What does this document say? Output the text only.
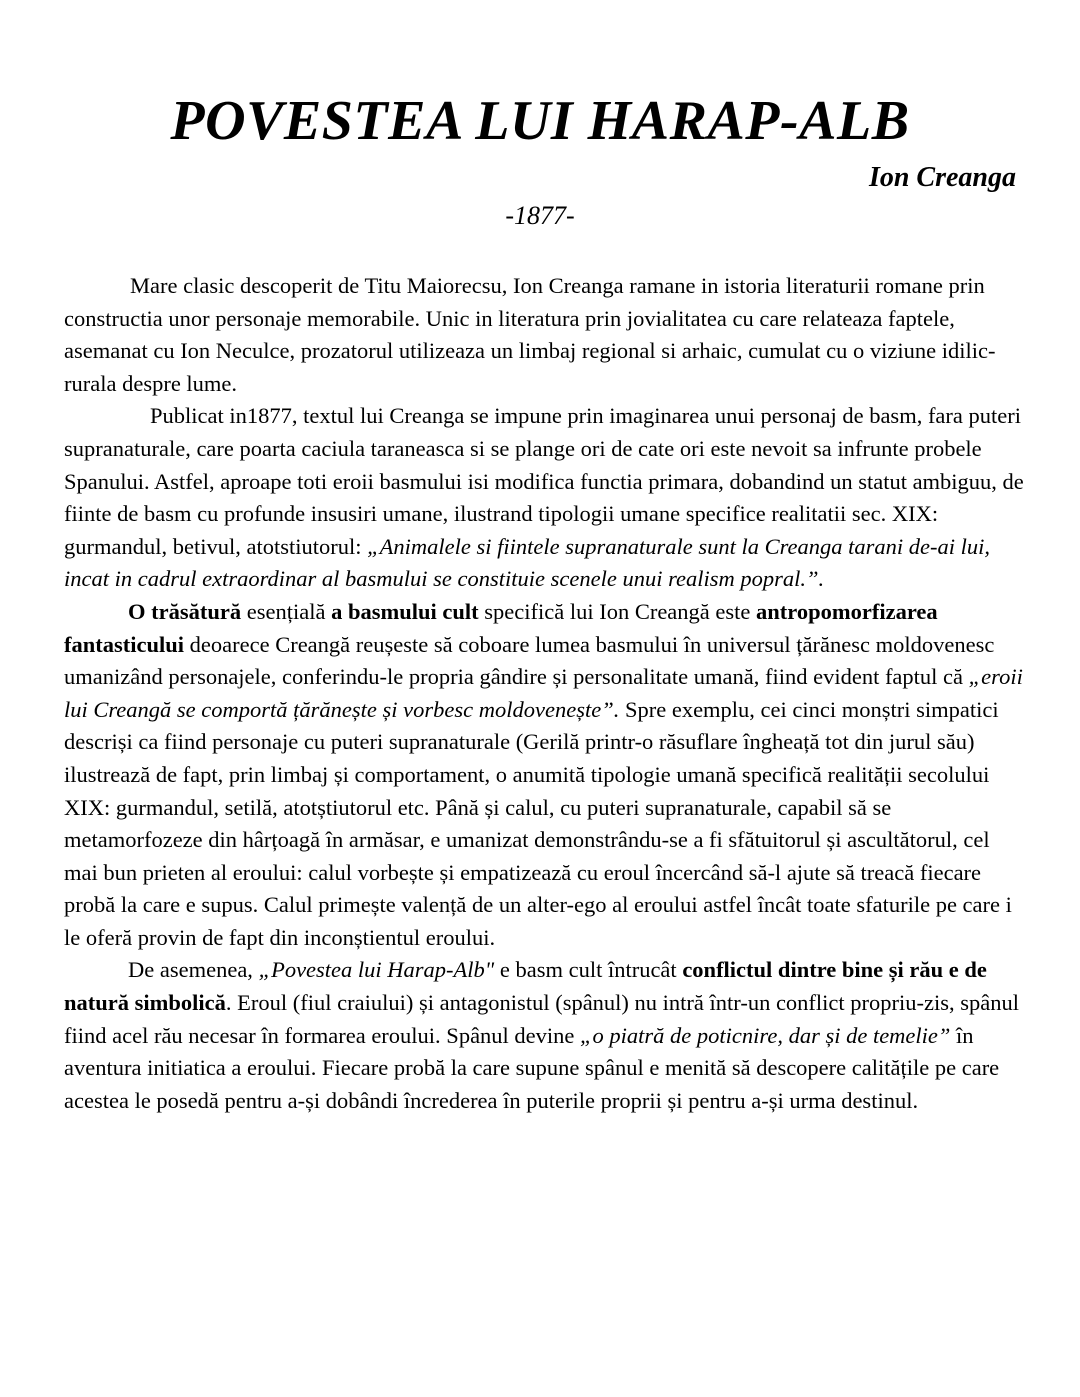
POVESTEA LUI HARAP-ALB
Ion Creanga
-1877-

Mare clasic descoperit de Titu Maiorecsu, Ion Creanga ramane in istoria literaturii romane prin constructia unor personaje memorabile. Unic in literatura prin jovialitatea cu care relateaza faptele, asemanat cu Ion Neculce, prozatorul utilizeaza un limbaj regional si arhaic, cumulat cu o viziune idilic-rurala despre lume.

Publicat in1877, textul lui Creanga se impune prin imaginarea unui personaj de basm, fara puteri supranaturale, care poarta caciula taraneasca si se plange ori de cate ori este nevoit sa infrunte probele Spanului. Astfel, aproape toti eroii basmului isi modifica functia primara, dobandind un statut ambiguu, de fiinte de basm cu profunde insusiri umane, ilustrand tipologii umane specifice realitatii sec. XIX: gurmandul, betivul, atotstiutorul: „Animalele si fiintele supranaturale sunt la Creanga tarani de-ai lui, incat in cadrul extraordinar al basmului se constituie scenele unui realism popral.”.

O trăsătură esențială a basmului cult specifică lui Ion Creangă este antropomorfizarea fantasticului deoarece Creangă reușeste să coboare lumea basmului în universul țărănesc moldovenesc umanizând personajele, conferindu-le propria gândire și personalitate umană, fiind evident faptul că „eroii lui Creangă se comportă țărănește și vorbesc moldovenește”. Spre exemplu, cei cinci monștri simpatici descriși ca fiind personaje cu puteri supranaturale (Gerilă printr-o răsuflare îngheață tot din jurul său) ilustrează de fapt, prin limbaj și comportament, o anumită tipologie umană specifică realității secolului XIX: gurmandul, setilă, atotștiutorul etc. Până și calul, cu puteri supranaturale, capabil să se metamorfozeze din hârțoagă în armăsar, e umanizat demonstrându-se a fi sfătuitorul și ascultătorul, cel mai bun prieten al eroului: calul vorbește și empatizează cu eroul încercând să-l ajute să treacă fiecare probă la care e supus. Calul primește valență de un alter-ego al eroului astfel încât toate sfaturile pe care i le oferă provin de fapt din inconștientul eroului.

De asemenea, „Povestea lui Harap-Alb" e basm cult întrucât conflictul dintre bine și rău e de natură simbolică. Eroul (fiul craiului) și antagonistul (spânul) nu intră într-un conflict propriu-zis, spânul fiind acel rău necesar în formarea eroului. Spânul devine „o piatră de poticnire, dar și de temelie” în aventura initiatica a eroului. Fiecare probă la care supune spânul e menită să descopere calitățile pe care acestea le posedă pentru a-și dobândi încrederea în puterile proprii și pentru a-și urma destinul.
